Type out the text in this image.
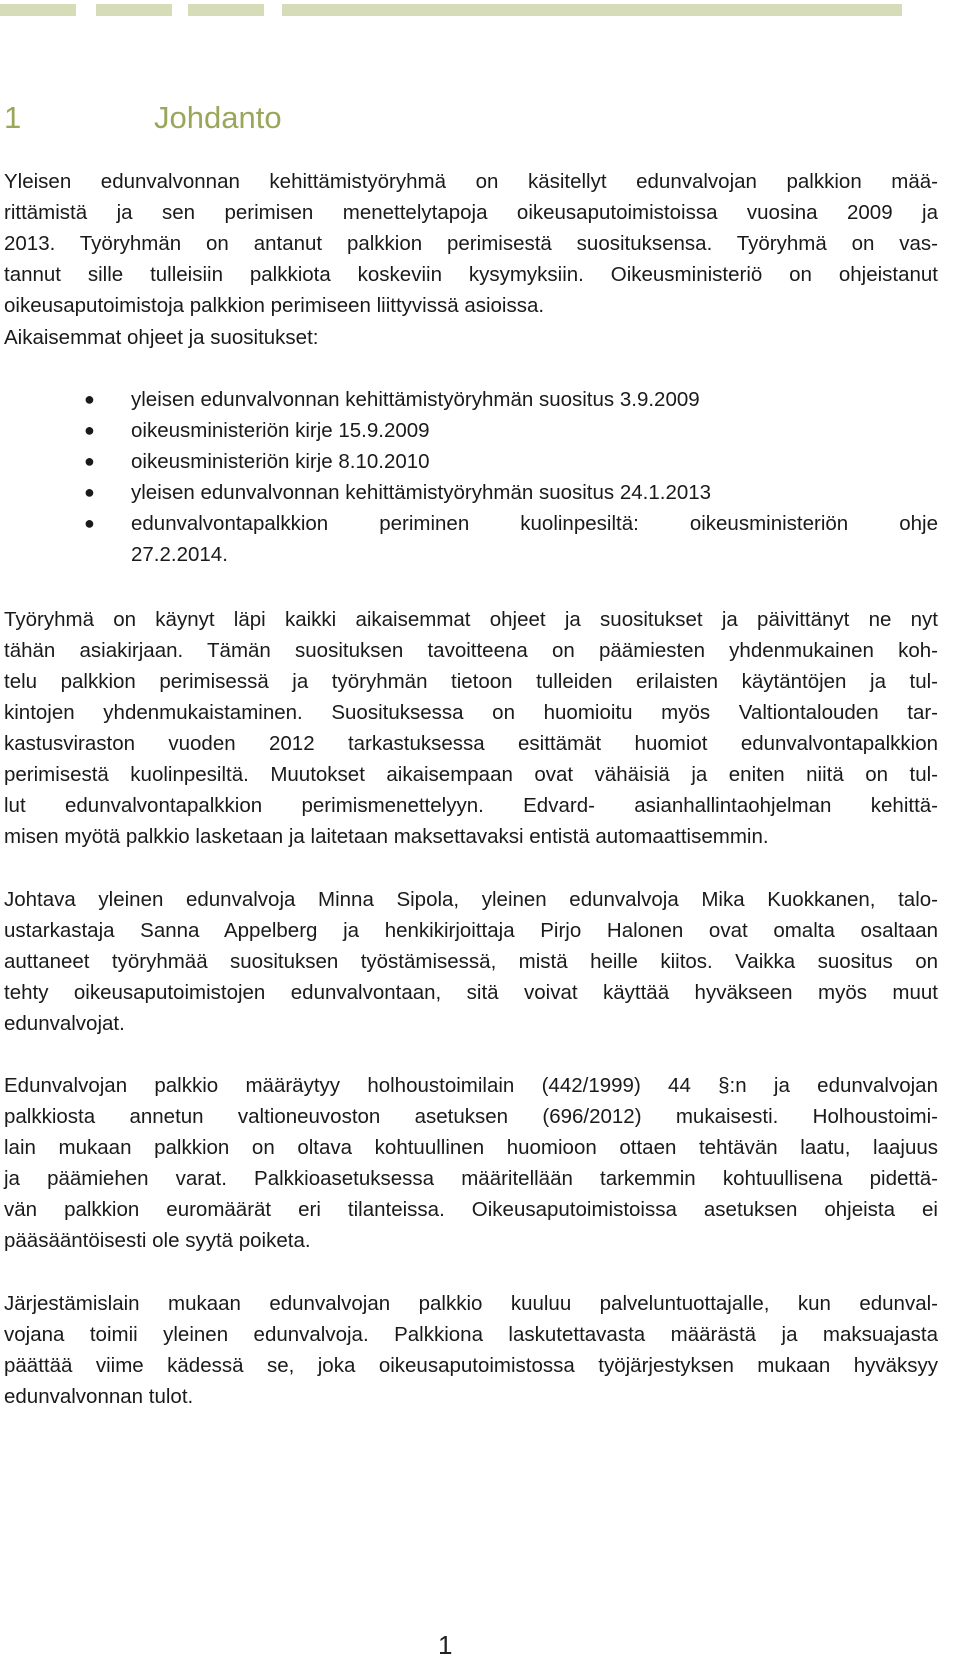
1	Johdanto
Yleisen edunvalvonnan kehittämistyöryhmä on käsitellyt edunvalvojan palkkion mää-
rittämistä ja sen perimisen menettelytapoja oikeusaputoimistoissa vuosina 2009 ja
2013. Työryhmän on antanut palkkion perimisestä suosituksensa. Työryhmä on vas-
tannut sille tulleisiin palkkiota koskeviin kysymyksiin. Oikeusministeriö on ohjeistanut
oikeusaputoimistoja palkkion perimiseen liittyvissä asioissa.
Aikaisemmat ohjeet ja suositukset:
● yleisen edunvalvonnan kehittämistyöryhmän suositus 3.9.2009
● oikeusministeriön kirje 15.9.2009
● oikeusministeriön kirje 8.10.2010
● yleisen edunvalvonnan kehittämistyöryhmän suositus 24.1.2013
● edunvalvontapalkkion periminen kuolinpesiltä: oikeusministeriön ohje
27.2.2014.
Työryhmä on käynyt läpi kaikki aikaisemmat ohjeet ja suositukset ja päivittänyt ne nyt
tähän asiakirjaan. Tämän suosituksen tavoitteena on päämiesten yhdenmukainen koh-
telu palkkion perimisessä ja työryhmän tietoon tulleiden erilaisten käytäntöjen ja tul-
kintojen yhdenmukaistaminen. Suosituksessa on huomioitu myös Valtiontalouden tar-
kastusviraston vuoden 2012 tarkastuksessa esittämät huomiot edunvalvontapalkkion
perimisestä kuolinpesiltä. Muutokset aikaisempaan ovat vähäisiä ja eniten niitä on tul-
lut edunvalvontapalkkion perimismenettelyyn. Edvard- asianhallintaohjelman kehittä-
misen myötä palkkio lasketaan ja laitetaan maksettavaksi entistä automaattisemmin.
Johtava yleinen edunvalvoja Minna Sipola, yleinen edunvalvoja Mika Kuokkanen, talo-
ustarkastaja Sanna Appelberg ja henkikirjoittaja Pirjo Halonen ovat omalta osaltaan
auttaneet työryhmää suosituksen työstämisessä, mistä heille kiitos. Vaikka suositus on
tehty oikeusaputoimistojen edunvalvontaan, sitä voivat käyttää hyväkseen myös muut
edunvalvojat.
Edunvalvojan palkkio määräytyy holhoustoimilain (442/1999) 44 §:n ja edunvalvojan
palkkiosta annetun valtioneuvoston asetuksen (696/2012) mukaisesti. Holhoustoimi-
lain mukaan palkkion on oltava kohtuullinen huomioon ottaen tehtävän laatu, laajuus
ja päämiehen varat. Palkkioasetuksessa määritellään tarkemmin kohtuullisena pidettä-
vän palkkion euromäärät eri tilanteissa. Oikeusaputoimistoissa asetuksen ohjeista ei
pääsääntöisesti ole syytä poiketa.
Järjestämislain mukaan edunvalvojan palkkio kuuluu palveluntuottajalle, kun edunval-
vojana toimii yleinen edunvalvoja. Palkkiona laskutettavasta määrästä ja maksuajasta
päättää viime kädessä se, joka oikeusaputoimistossa työjärjestyksen mukaan hyväksyy
edunvalvonnan tulot.
1
